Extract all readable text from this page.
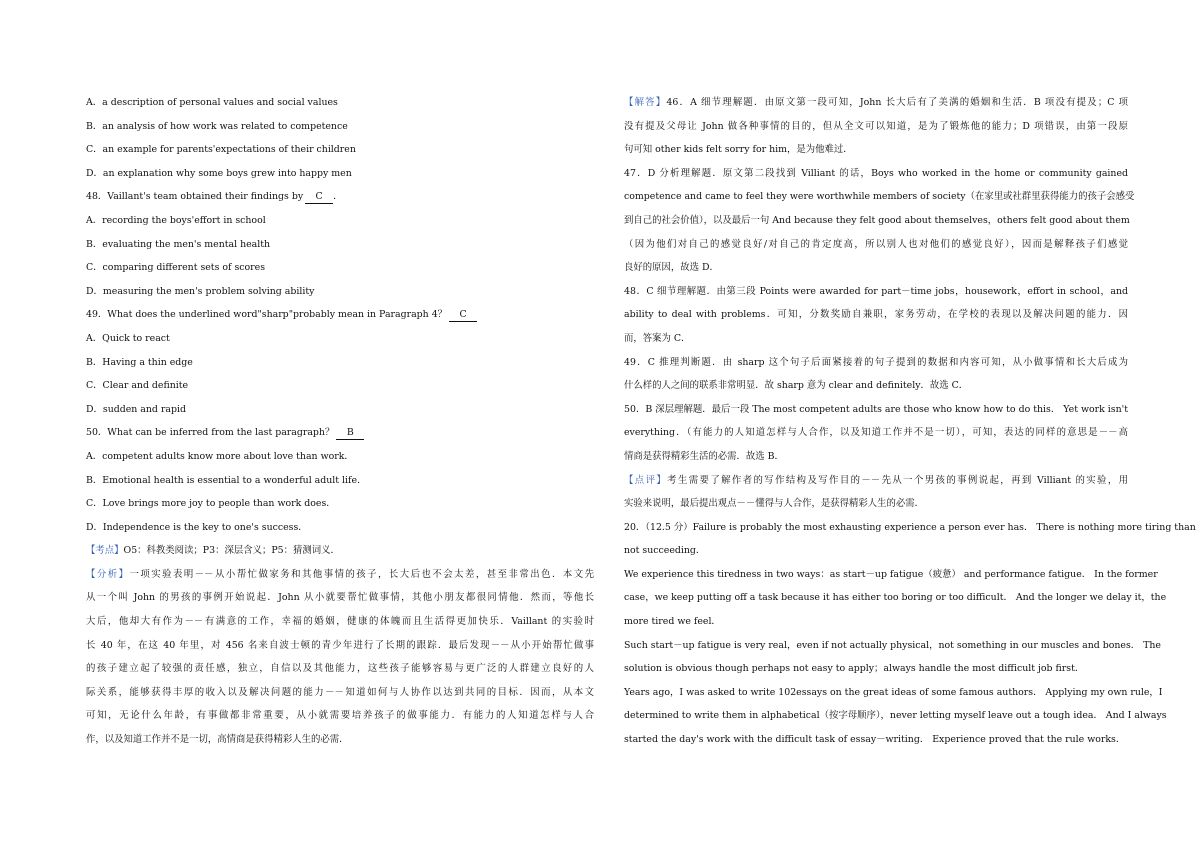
A．a description of personal values and social values
B．an analysis of how work was related to competence
C．an example for parents'expectations of their children
D．an explanation why some boys grew into happy men
48．Vaillant's team obtained their findings by C ．
A．recording the boys'effort in school
B．evaluating the men's mental health
C．comparing different sets of scores
D．measuring the men's problem solving ability
49．What does the underlined word"sharp"probably mean in Paragraph 4？ C
A．Quick to react
B．Having a thin edge
C．Clear and definite
D．sudden and rapid
50．What can be inferred from the last paragraph？ B
A．competent adults know more about love than work．
B．Emotional health is essential to a wonderful adult life．
C．Love brings more joy to people than work does．
D．Independence is the key to one's success．
【考点】O5：科教类阅读；P3：深层含义；P5：猜测词义．
【分析】一项实验表明－－从小帮忙做家务和其他事情的孩子，长大后也不会太差，甚至非常出色．本文先
从一个叫 John 的男孩的事例开始说起．John 从小就要帮忙做事情，其他小朋友都很同情他．然而，等他长
大后，他却大有作为－－有满意的工作，幸福的婚姻，健康的体魄而且生活得更加快乐．Vaillant 的实验时
长 40 年，在这 40 年里，对 456 名来自波士顿的青少年进行了长期的跟踪．最后发现－－从小开始帮忙做事
的孩子建立起了较强的责任感，独立，自信以及其他能力，这些孩子能够容易与更广泛的人群建立良好的人
际关系，能够获得丰厚的收入以及解决问题的能力－－知道如何与人协作以达到共同的目标．因而，从本文
可知，无论什么年龄，有事做都非常重要，从小就需要培养孩子的做事能力．有能力的人知道怎样与人合
作，以及知道工作并不是一切，高情商是获得精彩人生的必需．
【解答】46．A 细节理解题．由原文第一段可知，John 长大后有了美满的婚姻和生活．B 项没有提及；C 项
没有提及父母让 John 做各种事情的目的，但从全文可以知道，是为了锻炼他的能力；D 项错误，由第一段原
句可知 other kids felt sorry for him，是为他难过．
47．D 分析理解题．原文第二段找到 Villiant 的话，Boys who worked in the home or community gained
competence and came to feel they were worthwhile members of society（在家里或社群里获得能力的孩子会感受
到自己的社会价值），以及最后一句 And because they felt good about themselves，others felt good about them
（因为他们对自己的感觉良好/对自己的肯定度高，所以别人也对他们的感觉良好），因而是解释孩子们感觉
良好的原因，故选 D．
48．C 细节理解题．由第三段 Points were awarded for part－time jobs，housework，effort in school，and
ability to deal with problems．可知，分数奖励自兼职，家务劳动，在学校的表现以及解决问题的能力．因
而，答案为 C．
49．C 推理判断题．由 sharp 这个句子后面紧接着的句子提到的数据和内容可知，从小做事情和长大后成为
什么样的人之间的联系非常明显．故 sharp 意为 clear and definitely．故选 C．
50．B 深层理解题．最后一段 The most competent adults are those who know how to do this． Yet work isn't
everything．（有能力的人知道怎样与人合作，以及知道工作并不是一切），可知，表达的同样的意思是－－高
情商是获得精彩生活的必需．故选 B．
【点评】考生需要了解作者的写作结构及写作目的－－先从一个男孩的事例说起，再到 Villiant 的实验，用
实验来说明，最后提出观点－－懂得与人合作，是获得精彩人生的必需．
20．（12.5 分）Failure is probably the most exhausting experience a person ever has． There is nothing more tiring than
not succeeding．
We experience this tiredness in two ways：as start－up fatigue（疲惫） and performance fatigue． In the former
case，we keep putting off a task because it has either too boring or too difficult． And the longer we delay it，the
more tired we feel．
Such start－up fatigue is very real，even if not actually physical，not something in our muscles and bones． The
solution is obvious though perhaps not easy to apply；always handle the most difficult job first．
Years ago，I was asked to write 102essays on the great ideas of some famous authors． Applying my own rule，I
determined to write them in alphabetical（按字母顺序），never letting myself leave out a tough idea． And I always
started the day's work with the difficult task of essay－writing． Experience proved that the rule works．
